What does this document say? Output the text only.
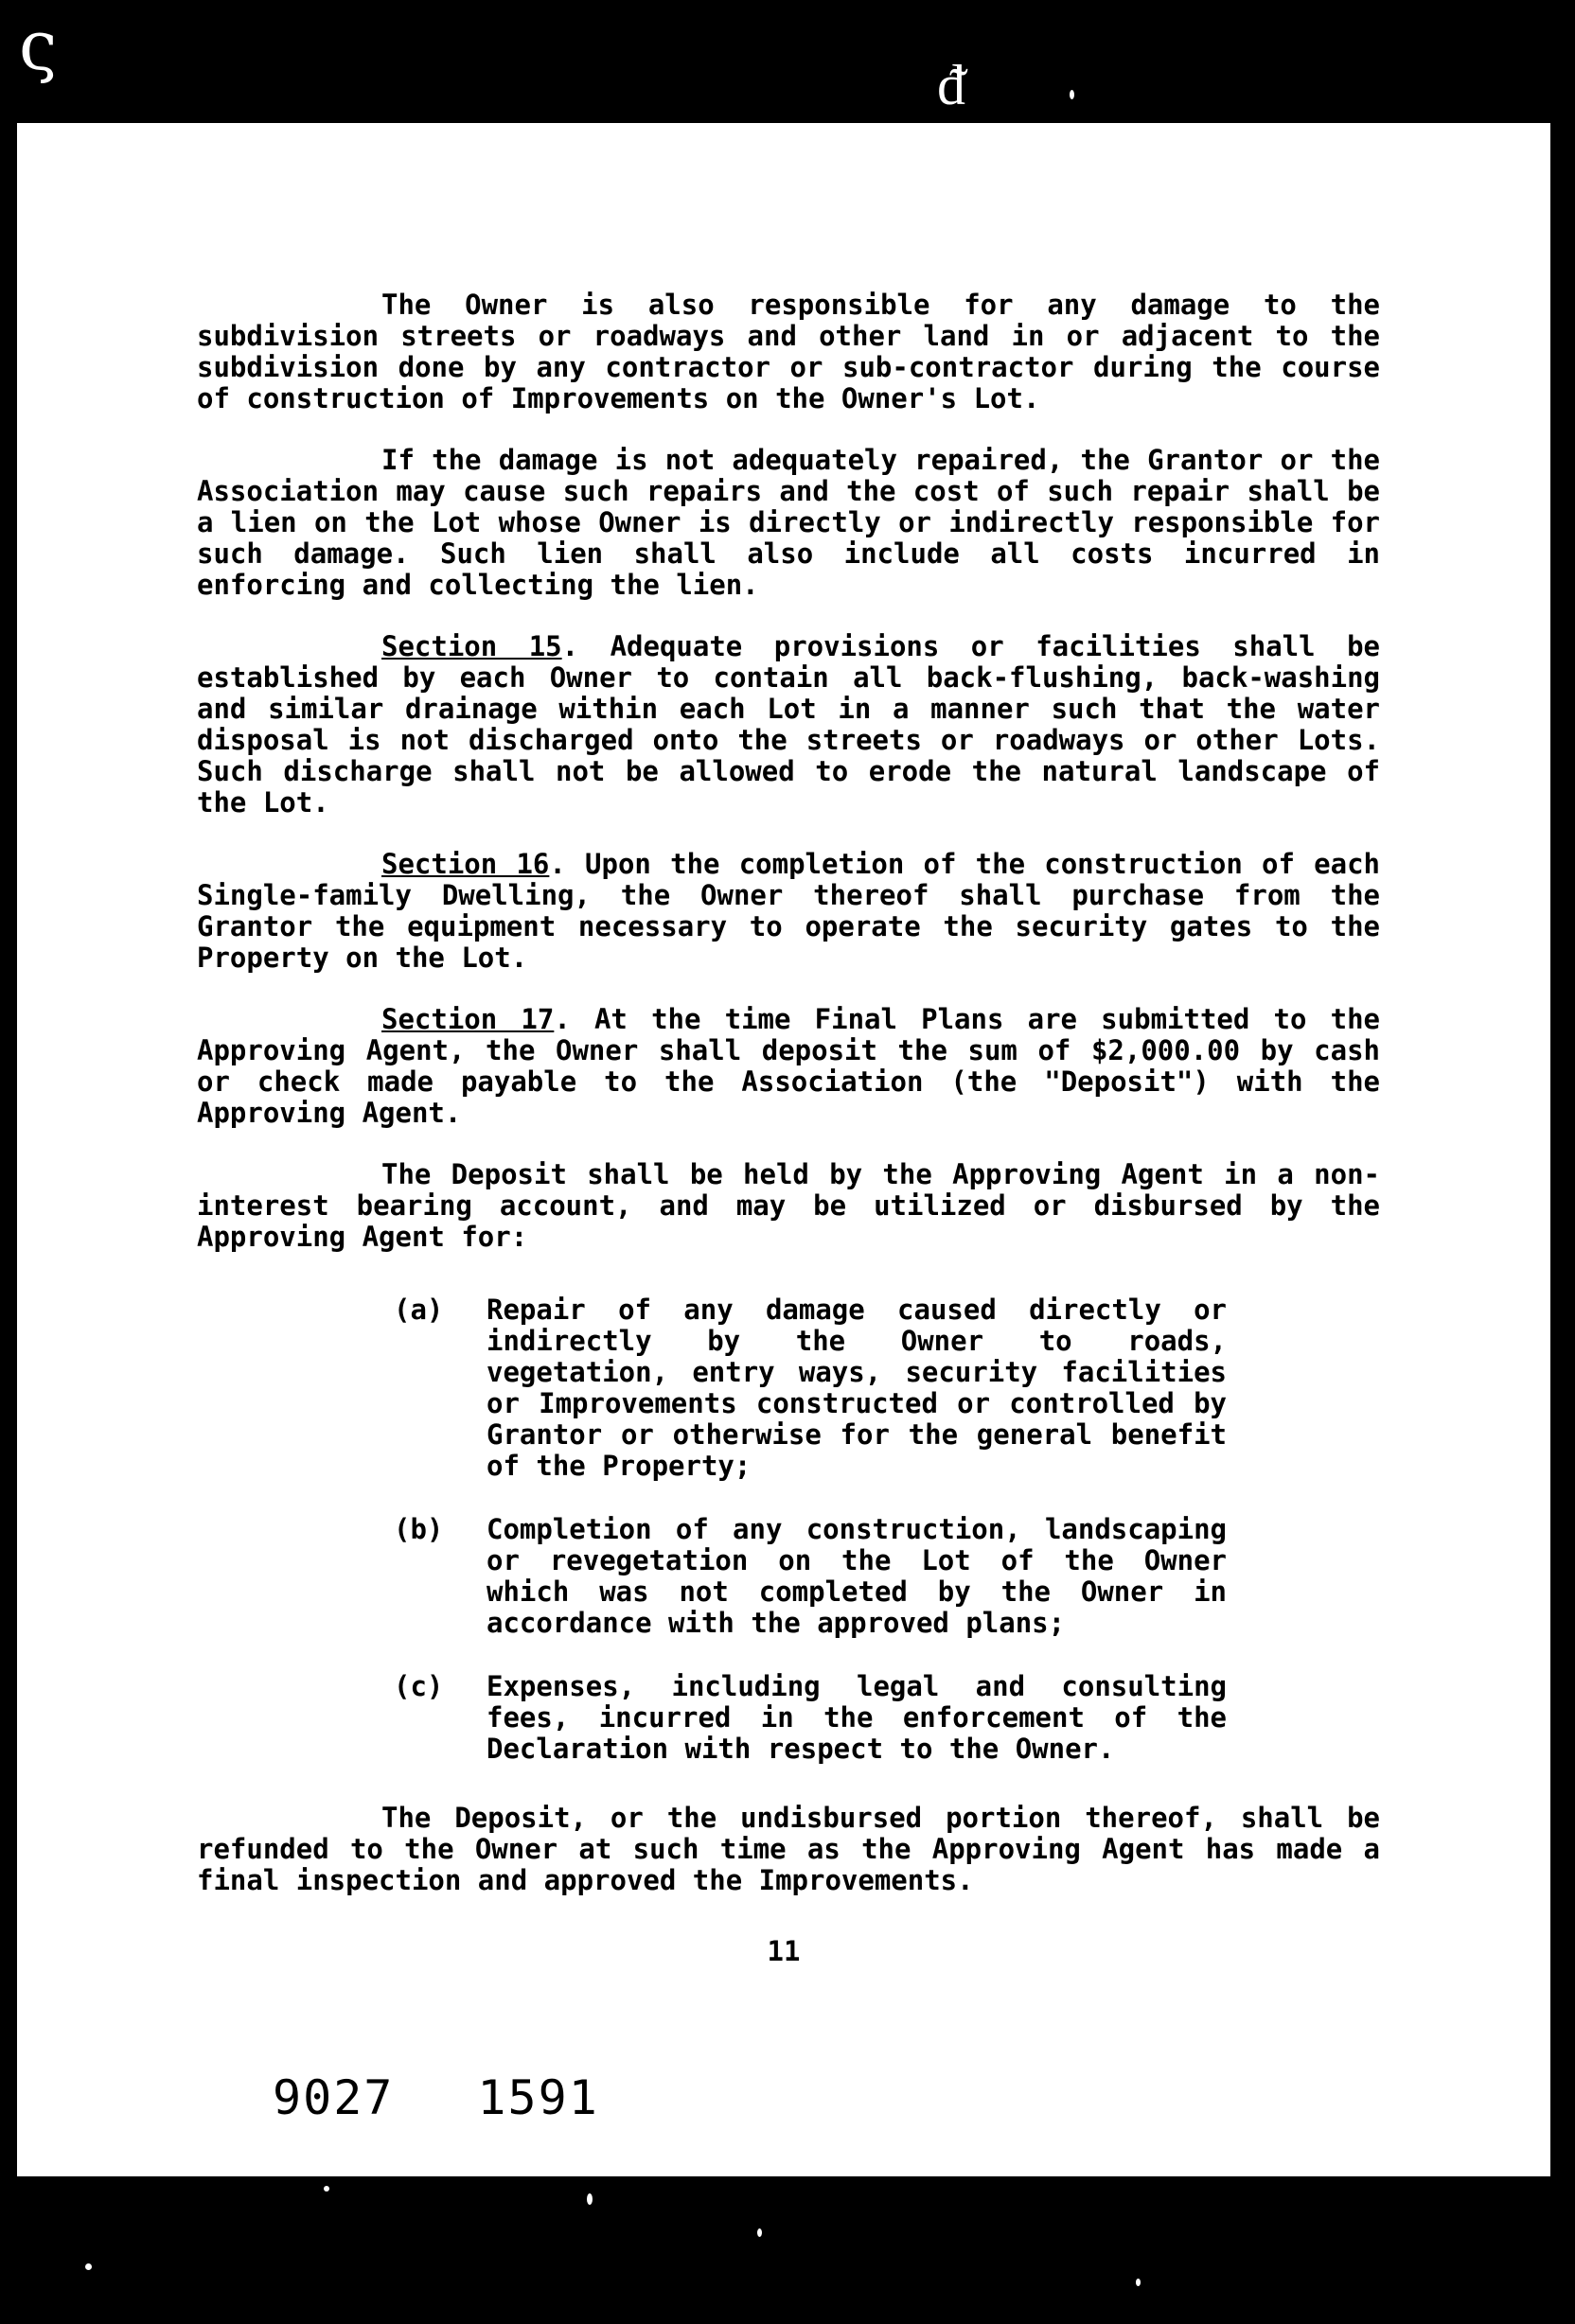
ς	ᵭ

The Owner is also responsible for any damage to the subdivision streets or roadways and other land in or adjacent to the subdivision done by any contractor or sub-contractor during the course of construction of Improvements on the Owner's Lot.

If the damage is not adequately repaired, the Grantor or the Association may cause such repairs and the cost of such repair shall be a lien on the Lot whose Owner is directly or indirectly responsible for such damage. Such lien shall also include all costs incurred in enforcing and collecting the lien.

Section 15. Adequate provisions or facilities shall be established by each Owner to contain all back-flushing, back-washing and similar drainage within each Lot in a manner such that the water disposal is not discharged onto the streets or roadways or other Lots. Such discharge shall not be allowed to erode the natural landscape of the Lot.

Section 16. Upon the completion of the construction of each Single-family Dwelling, the Owner thereof shall purchase from the Grantor the equipment necessary to operate the security gates to the Property on the Lot.

Section 17. At the time Final Plans are submitted to the Approving Agent, the Owner shall deposit the sum of $2,000.00 by cash or check made payable to the Association (the "Deposit") with the Approving Agent.

The Deposit shall be held by the Approving Agent in a non-interest bearing account, and may be utilized or disbursed by the Approving Agent for:

(a)	Repair of any damage caused directly or indirectly by the Owner to roads, vegetation, entry ways, security facilities or Improvements constructed or controlled by Grantor or otherwise for the general benefit of the Property;
(b)	Completion of any construction, landscaping or revegetation on the Lot of the Owner which was not completed by the Owner in accordance with the approved plans;
(c)	Expenses, including legal and consulting fees, incurred in the enforcement of the Declaration with respect to the Owner.

The Deposit, or the undisbursed portion thereof, shall be refunded to the Owner at such time as the Approving Agent has made a final inspection and approved the Improvements.

11
9027 1591
